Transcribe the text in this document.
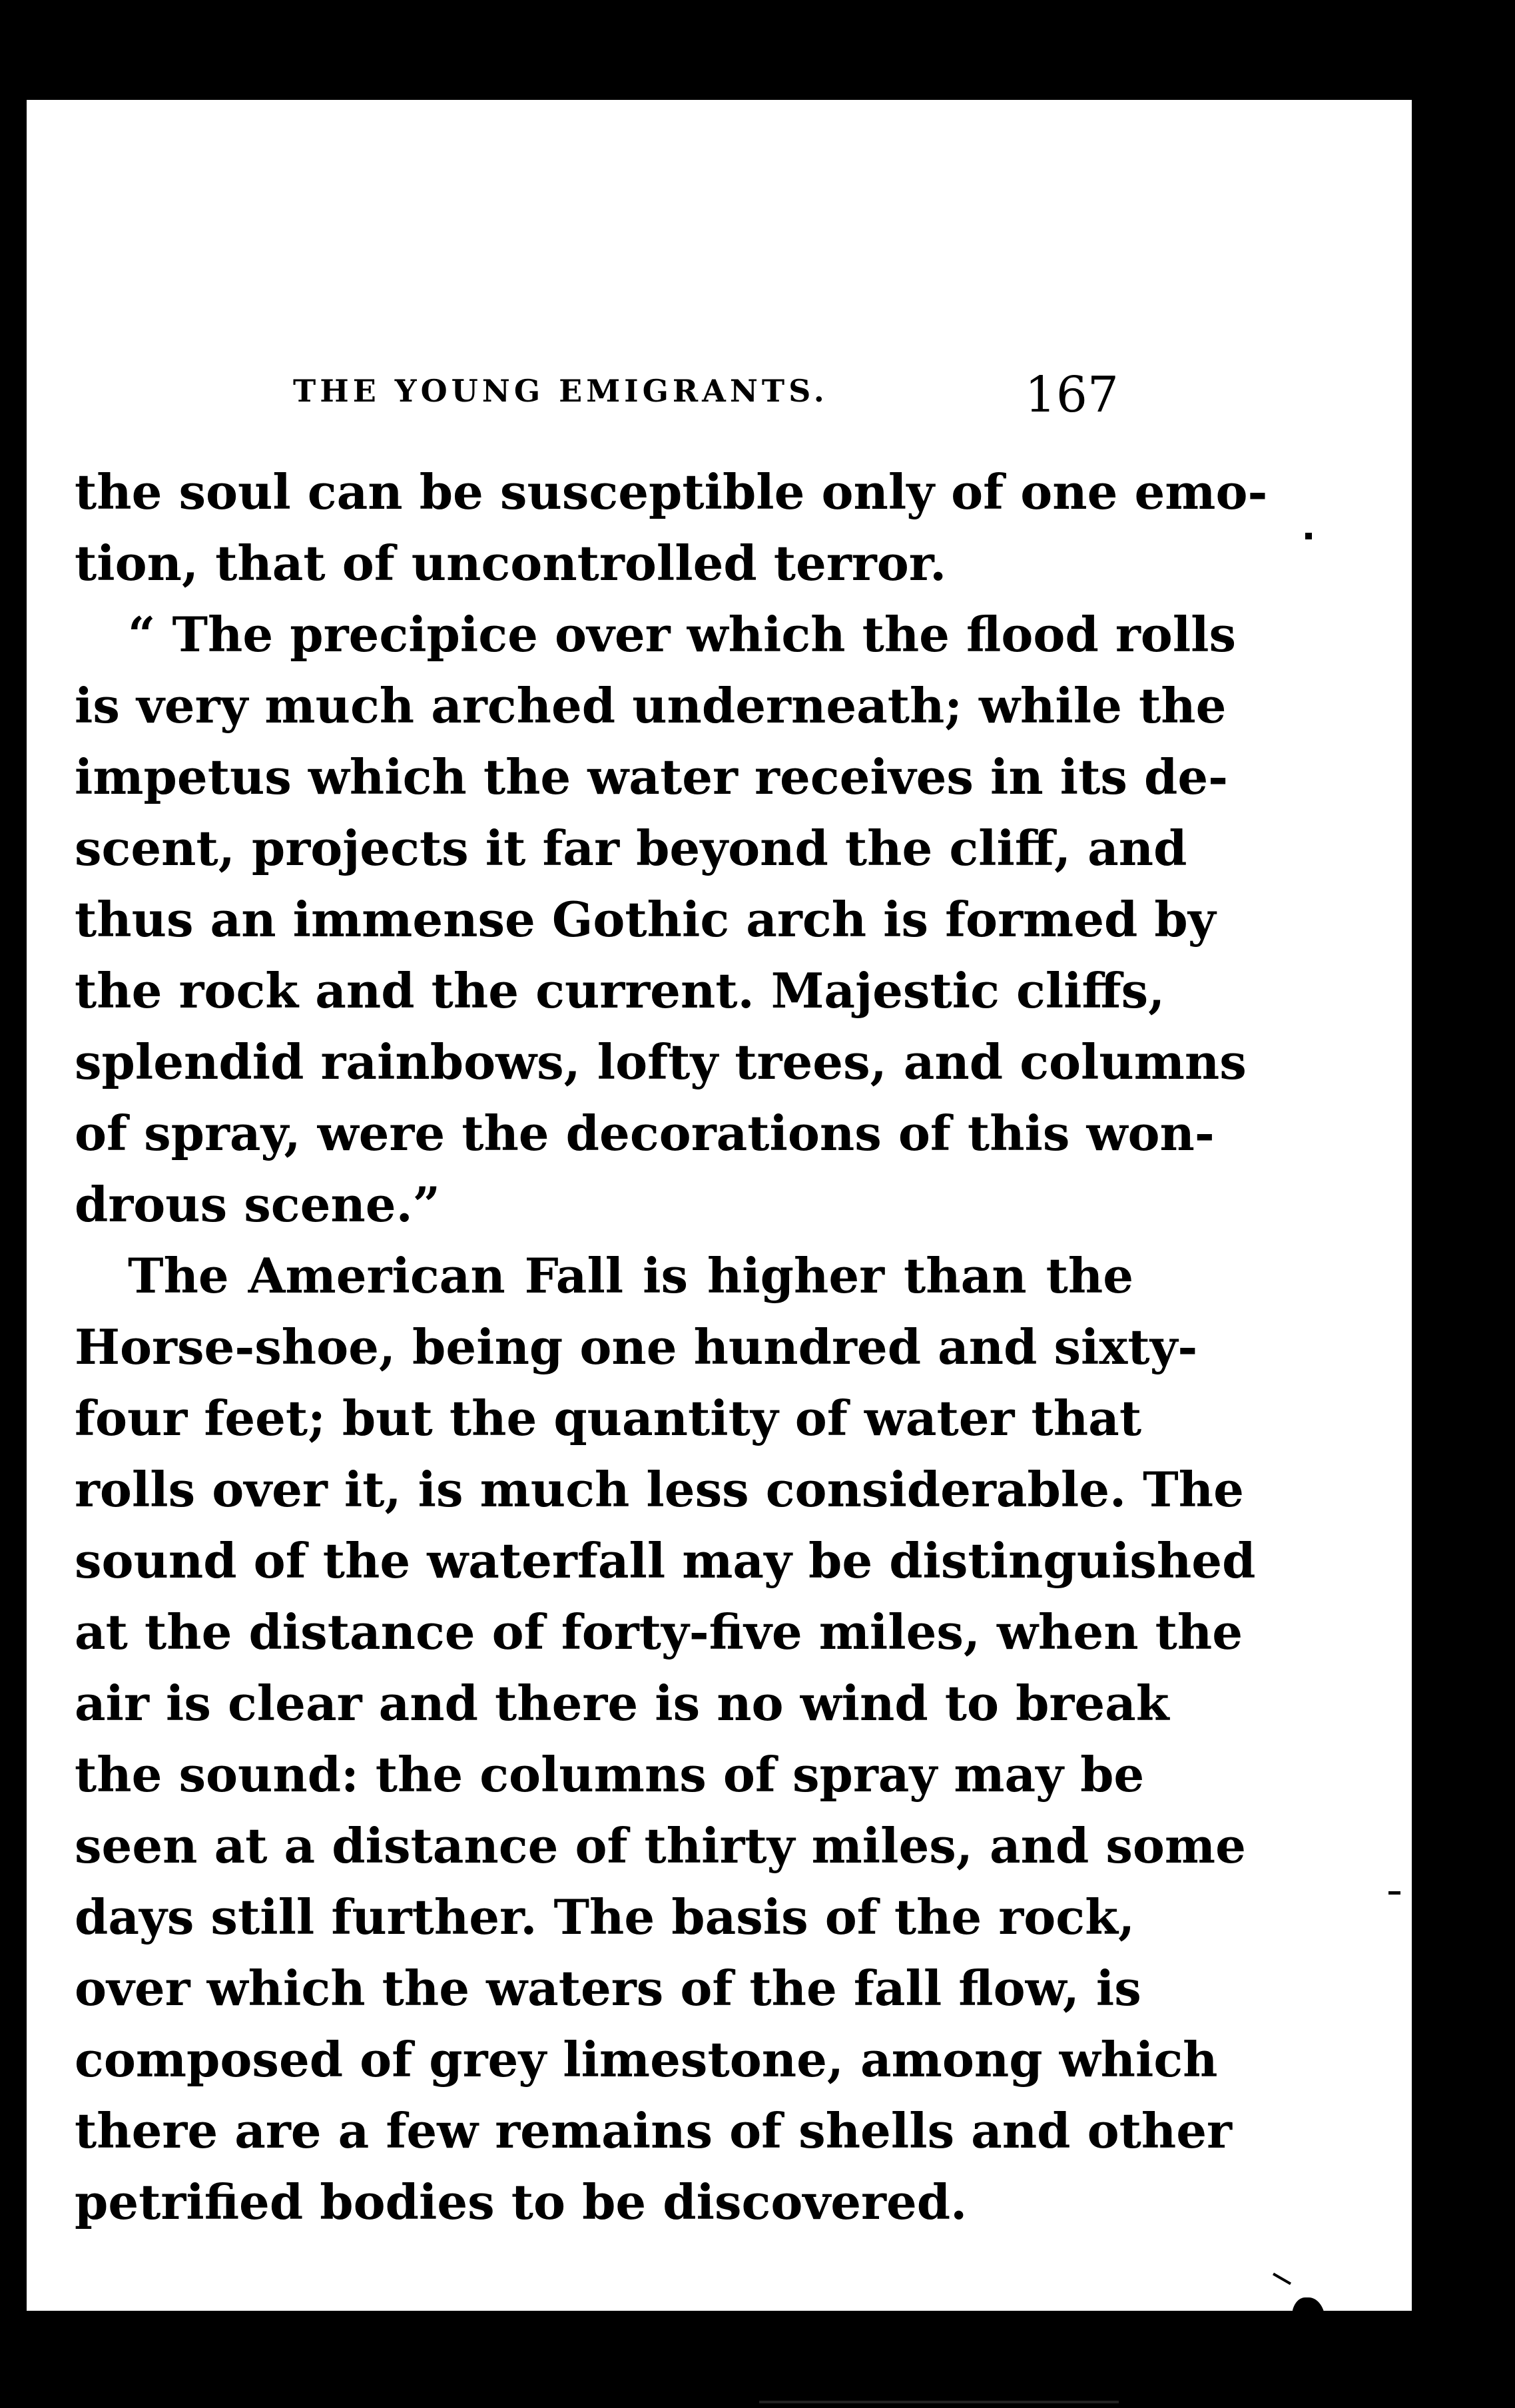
THE YOUNG EMIGRANTS.	167
the soul can be susceptible only of one emo-
tion, that of uncontrolled terror.
“ The precipice over which the flood rolls
is very much arched underneath; while the
impetus which the water receives in its de-
scent, projects it far beyond the cliff, and
thus an immense Gothic arch is formed by
the rock and the current. Majestic cliffs,
splendid rainbows, lofty trees, and columns
of spray, were the decorations of this won-
drous scene.”
The American Fall is higher than the
Horse-shoe, being one hundred and sixty-
four feet; but the quantity of water that
rolls over it, is much less considerable. The
sound of the waterfall may be distinguished
at the distance of forty-five miles, when the
air is clear and there is no wind to break
the sound: the columns of spray may be
seen at a distance of thirty miles, and some
days still further. The basis of the rock,
over which the waters of the fall flow, is
composed of grey limestone, among which
there are a few remains of shells and other
petrified bodies to be discovered.
